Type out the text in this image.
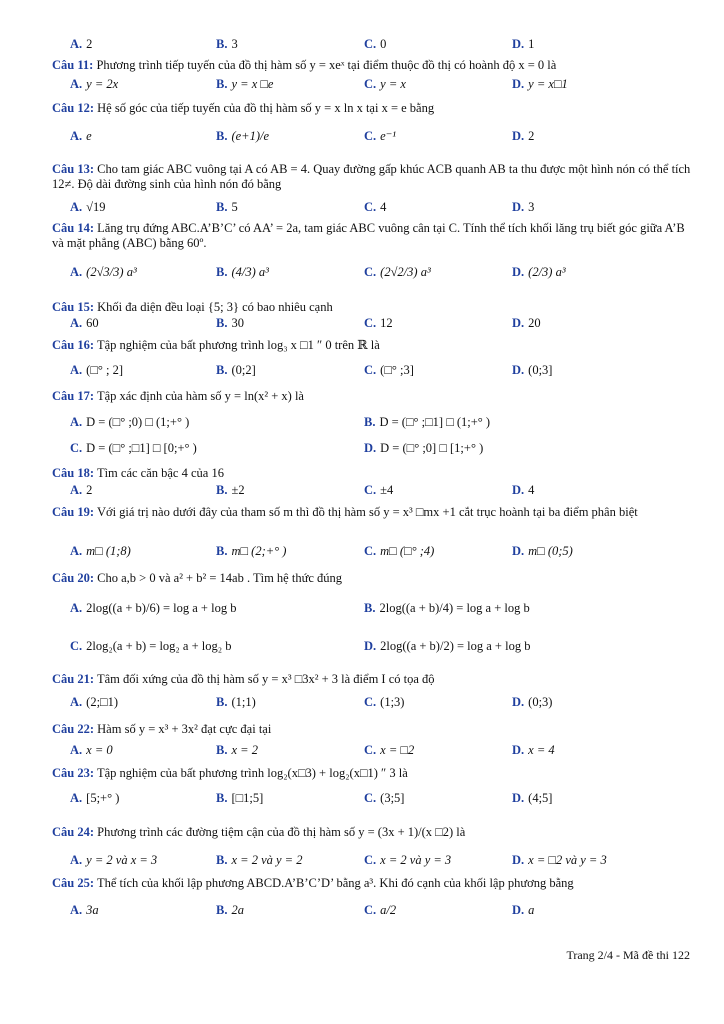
A. 2	B. 3	C. 0	D. 1
Câu 11: Phương trình tiếp tuyến của đồ thị hàm số y = xeˣ tại điểm thuộc đồ thị có hoành độ x = 0 là
A. y = 2x	B. y = x □e	C. y = x	D. y = x□1
Câu 12: Hệ số góc của tiếp tuyến của đồ thị hàm số y = x ln x tại x = e bằng
A. e	B. (e+1)/e	C. e⁻¹	D. 2
Câu 13: Cho tam giác ABC vuông tại A có AB = 4. Quay đường gấp khúc ACB quanh AB ta thu được một hình nón có thể tích 12≠. Độ dài đường sinh của hình nón đó bằng
A. √19	B. 5	C. 4	D. 3
Câu 14: Lăng trụ đứng ABC.A’B’C’ có AA’ = 2a, tam giác ABC vuông cân tại C. Tính thể tích khối lăng trụ biết góc giữa A’B và mặt phẳng (ABC) bằng 60º.
A. (2√3/3) a³	B. (4/3) a³	C. (2√2/3) a³	D. (2/3) a³
Câu 15: Khối đa diện đều loại {5; 3} có bao nhiêu cạnh
A. 60	B. 30	C. 12	D. 20
Câu 16: Tập nghiệm của bất phương trình log₃ x □1 ″ 0 trên ℝ là
A. (□° ; 2]	B. (0;2]	C. (□° ;3]	D. (0;3]
Câu 17: Tập xác định của hàm số y = ln(x² + x) là
A. D = (□° ;0) □ (1;+° )	B. D = (□° ;□1] □ (1;+° )
C. D = (□° ;□1] □ [0;+° )	D. D = (□° ;0] □ [1;+° )
Câu 18: Tìm các căn bậc 4 của 16
A. 2	B. ±2	C. ±4	D. 4
Câu 19: Với giá trị nào dưới đây của tham số m thì đồ thị hàm số y = x³ □mx +1 cắt trục hoành tại ba điểm phân biệt
A. m□ (1;8)	B. m□ (2;+° )	C. m□ (□° ;4)	D. m□ (0;5)
Câu 20: Cho a,b > 0 và a² + b² = 14ab . Tìm hệ thức đúng
A. 2log((a + b)/6) = log a + log b	B. 2log((a + b)/4) = log a + log b
C. 2log₂(a + b) = log₂ a + log₂ b	D. 2log((a + b)/2) = log a + log b
Câu 21: Tâm đối xứng của đồ thị hàm số y = x³ □3x² + 3 là điểm I có tọa độ
A. (2;□1)	B. (1;1)	C. (1;3)	D. (0;3)
Câu 22: Hàm số y = x³ + 3x² đạt cực đại tại
A. x = 0	B. x = 2	C. x = □2	D. x = 4
Câu 23: Tập nghiệm của bất phương trình log₂(x□3) + log₂(x□1) ″ 3 là
A. [5;+° )	B. [□1;5]	C. (3;5]	D. (4;5]
Câu 24: Phương trình các đường tiệm cận của đồ thị hàm số y = (3x + 1)/(x □2) là
A. y = 2 và x = 3	B. x = 2 và y = 2	C. x = 2 và y = 3	D. x = □2 và y = 3
Câu 25: Thể tích của khối lập phương ABCD.A’B’C’D’ bằng a³. Khi đó cạnh của khối lập phương bằng
A. 3a	B. 2a	C. a/2	D. a
Trang 2/4 - Mã đề thi 122
